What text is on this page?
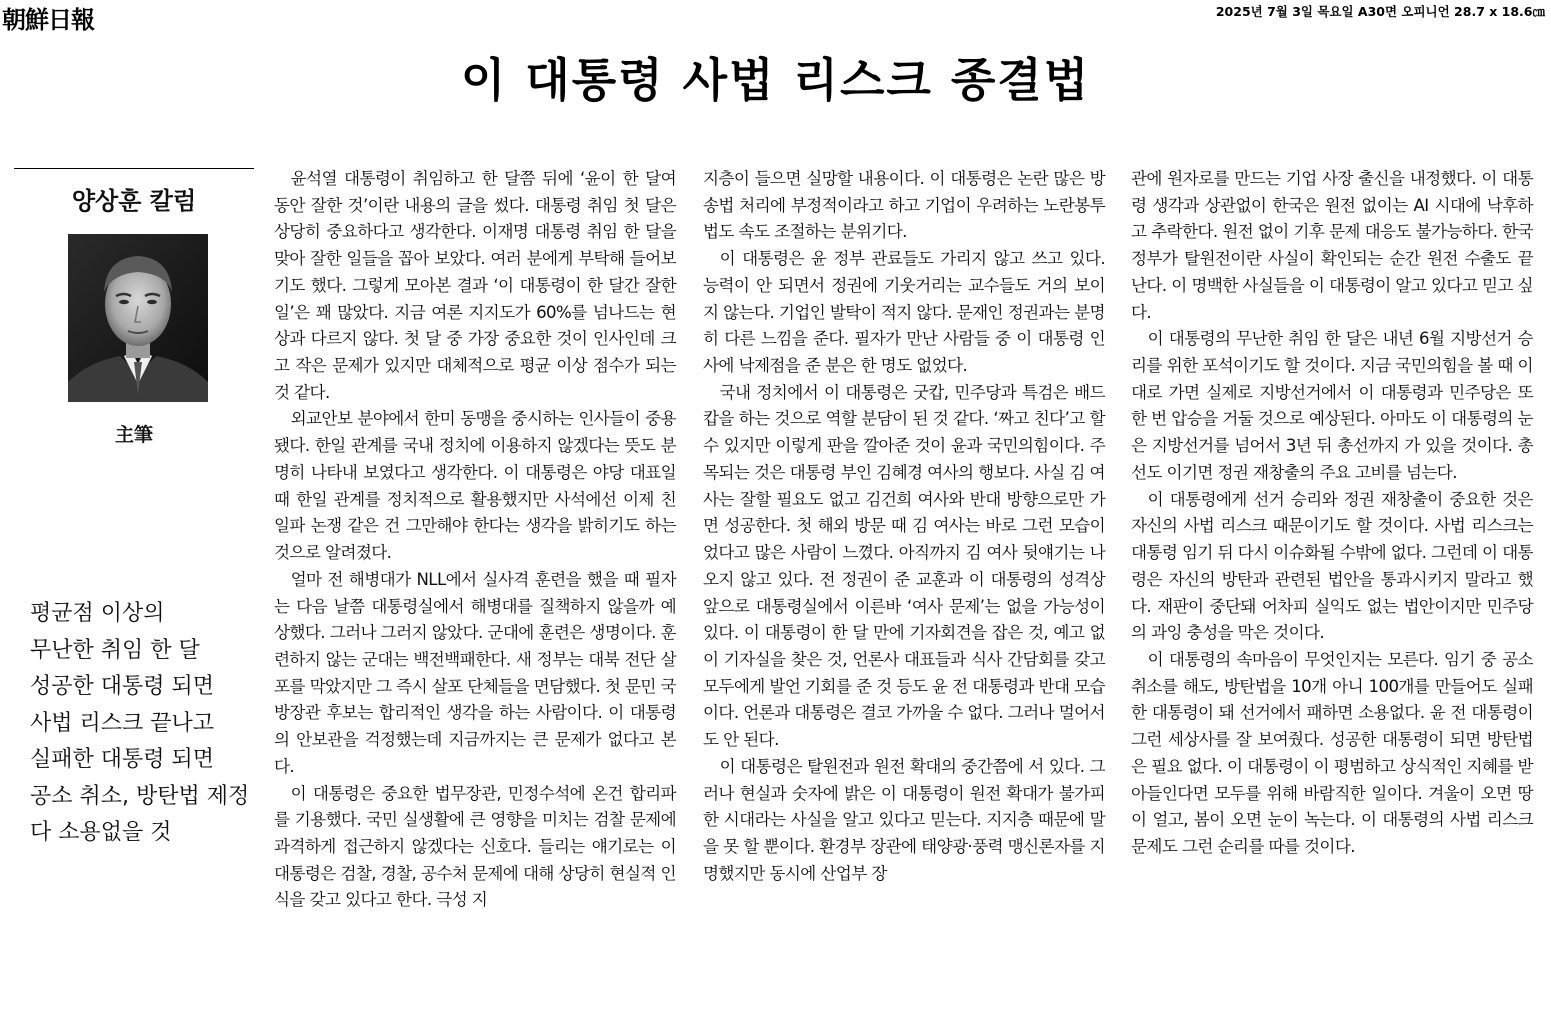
朝鮮日報	2025년 7월 3일 목요일 A30면 오피니언 28.7 x 18.6㎝
이 대통령 사법 리스크 종결법
양상훈 칼럼
主筆
평균점 이상의
무난한 취임 한 달
성공한 대통령 되면
사법 리스크 끝나고
실패한 대통령 되면
공소 취소, 방탄법 제정
다 소용없을 것

윤석열 대통령이 취임하고 한 달쯤 뒤에 ‘윤이 한 달여 동안 잘한 것’이란 내용의 글을 썼다. 대통령 취임 첫 달은 상당히 중요하다고 생각한다. 이재명 대통령 취임 한 달을 맞아 잘한 일들을 꼽아 보았다. 여러 분에게 부탁해 들어보기도 했다. 그렇게 모아본 결과 ‘이 대통령이 한 달간 잘한 일’은 꽤 많았다. 지금 여론 지지도가 60%를 넘나드는 현상과 다르지 않다. 첫 달 중 가장 중요한 것이 인사인데 크고 작은 문제가 있지만 대체적으로 평균 이상 점수가 되는 것 같다.

외교안보 분야에서 한미 동맹을 중시하는 인사들이 중용됐다. 한일 관계를 국내 정치에 이용하지 않겠다는 뜻도 분명히 나타내 보였다고 생각한다. 이 대통령은 야당 대표일 때 한일 관계를 정치적으로 활용했지만 사석에선 이제 친일파 논쟁 같은 건 그만해야 한다는 생각을 밝히기도 하는 것으로 알려졌다.

얼마 전 해병대가 NLL에서 실사격 훈련을 했을 때 필자는 다음 날쯤 대통령실에서 해병대를 질책하지 않을까 예상했다. 그러나 그러지 않았다. 군대에 훈련은 생명이다. 훈련하지 않는 군대는 백전백패한다. 새 정부는 대북 전단 살포를 막았지만 그 즉시 살포 단체들을 면담했다. 첫 문민 국방장관 후보는 합리적인 생각을 하는 사람이다. 이 대통령의 안보관을 걱정했는데 지금까지는 큰 문제가 없다고 본다.

이 대통령은 중요한 법무장관, 민정수석에 온건 합리파를 기용했다. 국민 실생활에 큰 영향을 미치는 검찰 문제에 과격하게 접근하지 않겠다는 신호다. 들리는 얘기로는 이 대통령은 검찰, 경찰, 공수처 문제에 대해 상당히 현실적 인식을 갖고 있다고 한다. 극성 지

지층이 들으면 실망할 내용이다. 이 대통령은 논란 많은 방송법 처리에 부정적이라고 하고 기업이 우려하는 노란봉투법도 속도 조절하는 분위기다.

이 대통령은 윤 정부 관료들도 가리지 않고 쓰고 있다. 능력이 안 되면서 정권에 기웃거리는 교수들도 거의 보이지 않는다. 기업인 발탁이 적지 않다. 문재인 정권과는 분명히 다른 느낌을 준다. 필자가 만난 사람들 중 이 대통령 인사에 낙제점을 준 분은 한 명도 없었다.

국내 정치에서 이 대통령은 굿캅, 민주당과 특검은 배드캅을 하는 것으로 역할 분담이 된 것 같다. ‘짜고 친다’고 할 수 있지만 이렇게 판을 깔아준 것이 윤과 국민의힘이다. 주목되는 것은 대통령 부인 김혜경 여사의 행보다. 사실 김 여사는 잘할 필요도 없고 김건희 여사와 반대 방향으로만 가면 성공한다. 첫 해외 방문 때 김 여사는 바로 그런 모습이었다고 많은 사람이 느꼈다. 아직까지 김 여사 뒷얘기는 나오지 않고 있다. 전 정권이 준 교훈과 이 대통령의 성격상 앞으로 대통령실에서 이른바 ‘여사 문제’는 없을 가능성이 있다. 이 대통령이 한 달 만에 기자회견을 잡은 것, 예고 없이 기자실을 찾은 것, 언론사 대표들과 식사 간담회를 갖고 모두에게 발언 기회를 준 것 등도 윤 전 대통령과 반대 모습이다. 언론과 대통령은 결코 가까울 수 없다. 그러나 멀어서도 안 된다.

이 대통령은 탈원전과 원전 확대의 중간쯤에 서 있다. 그러나 현실과 숫자에 밝은 이 대통령이 원전 확대가 불가피한 시대라는 사실을 알고 있다고 믿는다. 지지층 때문에 말을 못 할 뿐이다. 환경부 장관에 태양광·풍력 맹신론자를 지명했지만 동시에 산업부 장

관에 원자로를 만드는 기업 사장 출신을 내정했다. 이 대통령 생각과 상관없이 한국은 원전 없이는 AI 시대에 낙후하고 추락한다. 원전 없이 기후 문제 대응도 불가능하다. 한국 정부가 탈원전이란 사실이 확인되는 순간 원전 수출도 끝난다. 이 명백한 사실들을 이 대통령이 알고 있다고 믿고 싶다.

이 대통령의 무난한 취임 한 달은 내년 6월 지방선거 승리를 위한 포석이기도 할 것이다. 지금 국민의힘을 볼 때 이대로 가면 실제로 지방선거에서 이 대통령과 민주당은 또 한 번 압승을 거둘 것으로 예상된다. 아마도 이 대통령의 눈은 지방선거를 넘어서 3년 뒤 총선까지 가 있을 것이다. 총선도 이기면 정권 재창출의 주요 고비를 넘는다.

이 대통령에게 선거 승리와 정권 재창출이 중요한 것은 자신의 사법 리스크 때문이기도 할 것이다. 사법 리스크는 대통령 임기 뒤 다시 이슈화될 수밖에 없다. 그런데 이 대통령은 자신의 방탄과 관련된 법안을 통과시키지 말라고 했다. 재판이 중단돼 어차피 실익도 없는 법안이지만 민주당의 과잉 충성을 막은 것이다.

이 대통령의 속마음이 무엇인지는 모른다. 임기 중 공소 취소를 해도, 방탄법을 10개 아니 100개를 만들어도 실패한 대통령이 돼 선거에서 패하면 소용없다. 윤 전 대통령이 그런 세상사를 잘 보여줬다. 성공한 대통령이 되면 방탄법은 필요 없다. 이 대통령이 이 평범하고 상식적인 지혜를 받아들인다면 모두를 위해 바람직한 일이다. 겨울이 오면 땅이 얼고, 봄이 오면 눈이 녹는다. 이 대통령의 사법 리스크 문제도 그런 순리를 따를 것이다.
